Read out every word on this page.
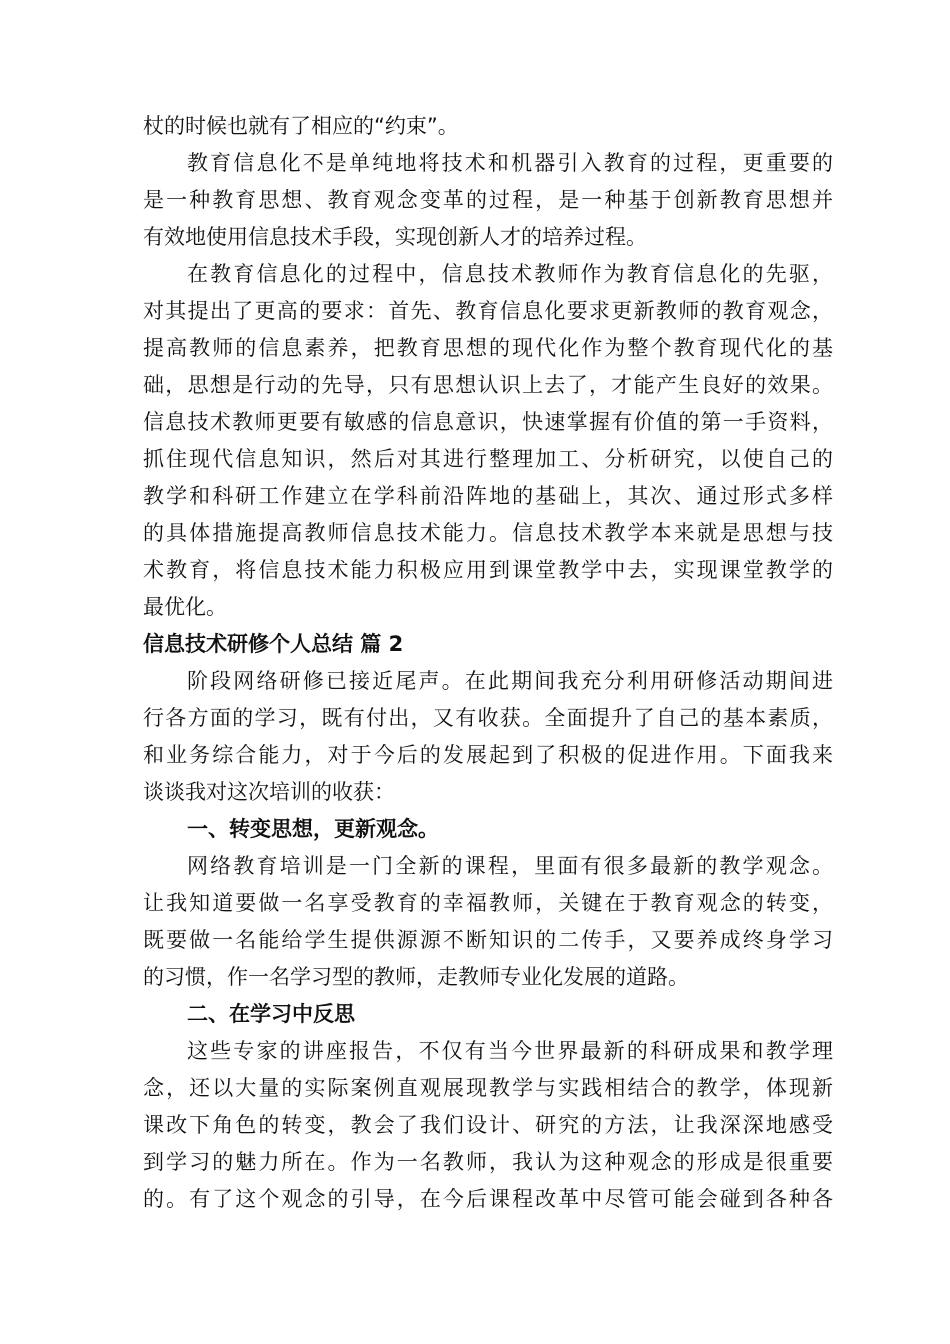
杖的时候也就有了相应的“约束”。
教育信息化不是单纯地将技术和机器引入教育的过程，更重要的
是一种教育思想、教育观念变革的过程，是一种基于创新教育思想并
有效地使用信息技术手段，实现创新人才的培养过程。
在教育信息化的过程中，信息技术教师作为教育信息化的先驱，
对其提出了更高的要求：首先、教育信息化要求更新教师的教育观念，
提高教师的信息素养，把教育思想的现代化作为整个教育现代化的基
础，思想是行动的先导，只有思想认识上去了，才能产生良好的效果。
信息技术教师更要有敏感的信息意识，快速掌握有价值的第一手资料，
抓住现代信息知识，然后对其进行整理加工、分析研究，以使自己的
教学和科研工作建立在学科前沿阵地的基础上，其次、通过形式多样
的具体措施提高教师信息技术能力。信息技术教学本来就是思想与技
术教育，将信息技术能力积极应用到课堂教学中去，实现课堂教学的
最优化。
信息技术研修个人总结 篇 2
阶段网络研修已接近尾声。在此期间我充分利用研修活动期间进
行各方面的学习，既有付出，又有收获。全面提升了自己的基本素质，
和业务综合能力，对于今后的发展起到了积极的促进作用。下面我来
谈谈我对这次培训的收获：
一、转变思想，更新观念。
网络教育培训是一门全新的课程，里面有很多最新的教学观念。
让我知道要做一名享受教育的幸福教师，关键在于教育观念的转变，
既要做一名能给学生提供源源不断知识的二传手，又要养成终身学习
的习惯，作一名学习型的教师，走教师专业化发展的道路。
二、在学习中反思
这些专家的讲座报告，不仅有当今世界最新的科研成果和教学理
念，还以大量的实际案例直观展现教学与实践相结合的教学，体现新
课改下角色的转变，教会了我们设计、研究的方法，让我深深地感受
到学习的魅力所在。作为一名教师，我认为这种观念的形成是很重要
的。有了这个观念的引导，在今后课程改革中尽管可能会碰到各种各
